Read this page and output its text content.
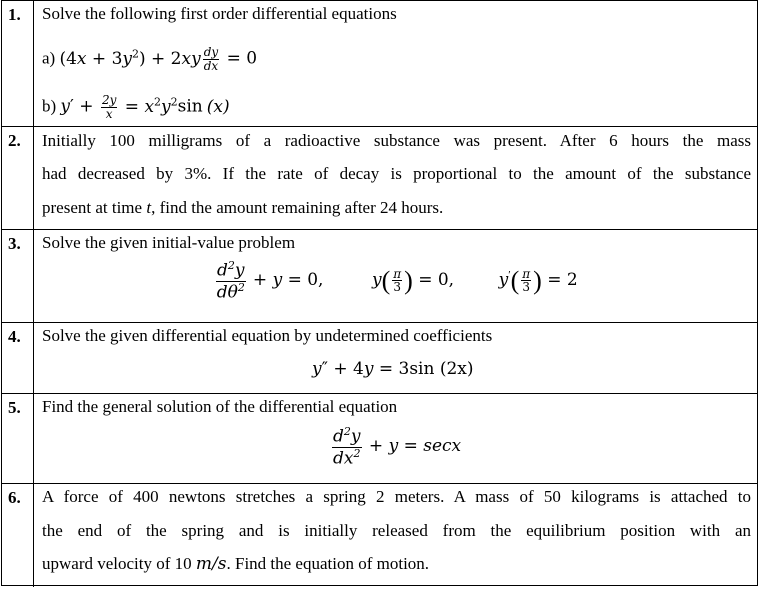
1.	Solve the following first order differential equations
a) $(4x + 3y^2) + 2xy \frac{dy}{dx} = 0$
b) $y' + \frac{2y}{x} = x^2y^2\sin$ (x)
2.	Initially 100 milligrams of a radioactive substance was present. After 6 hours the mass
had decreased by 3%. If the rate of decay is proportional to the amount of the substance
present at time t, find the amount remaining after 24 hours.
3.	Solve the given initial-value problem
$\frac{d^2y}{d\theta^2} + y = 0$,	$y( \frac{\pi}{3}$ ) = 0,	$y'( \frac{\pi}{3}$ ) = 2
4.	Solve the given differential equation by undetermined coefficients
y″ + 4y = 3sin (2x)
5.	Find the general solution of the differential equation
$\frac{d^2y}{dx^2} + y = \sec x$
6.	A force of 400 newtons stretches a spring 2 meters. A mass of 50 kilograms is attached to
the end of the spring and is initially released from the equilibrium position with an
upward velocity of 10 m/s. Find the equation of motion.
